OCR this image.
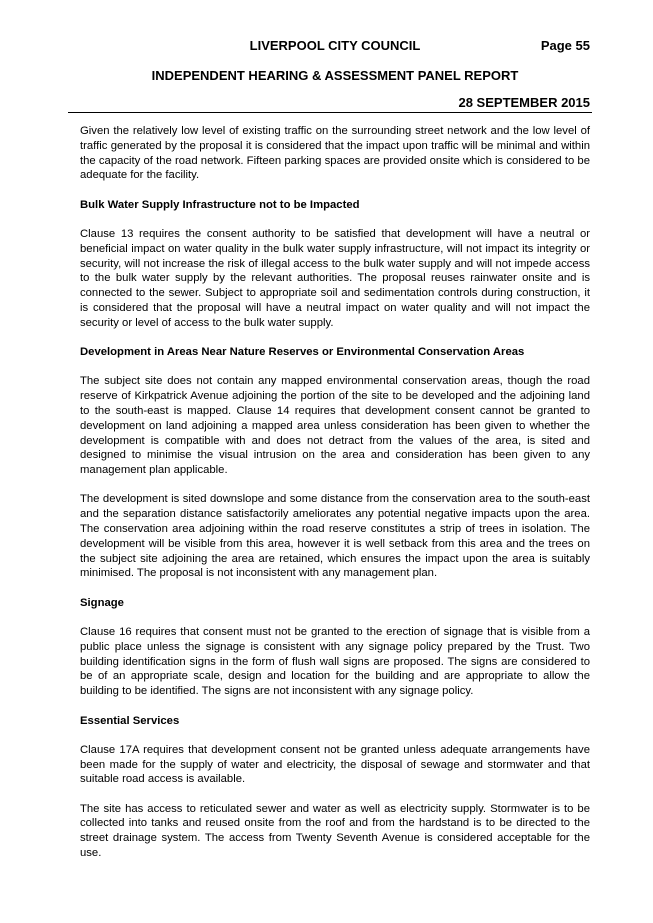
LIVERPOOL CITY COUNCIL	Page 55
INDEPENDENT HEARING & ASSESSMENT PANEL REPORT
28 SEPTEMBER 2015

Given the relatively low level of existing traffic on the surrounding street network and the low level of traffic generated by the proposal it is considered that the impact upon traffic will be minimal and within the capacity of the road network. Fifteen parking spaces are provided onsite which is considered to be adequate for the facility.

Bulk Water Supply Infrastructure not to be Impacted

Clause 13 requires the consent authority to be satisfied that development will have a neutral or beneficial impact on water quality in the bulk water supply infrastructure, will not impact its integrity or security, will not increase the risk of illegal access to the bulk water supply and will not impede access to the bulk water supply by the relevant authorities. The proposal reuses rainwater onsite and is connected to the sewer. Subject to appropriate soil and sedimentation controls during construction, it is considered that the proposal will have a neutral impact on water quality and will not impact the security or level of access to the bulk water supply.

Development in Areas Near Nature Reserves or Environmental Conservation Areas

The subject site does not contain any mapped environmental conservation areas, though the road reserve of Kirkpatrick Avenue adjoining the portion of the site to be developed and the adjoining land to the south-east is mapped. Clause 14 requires that development consent cannot be granted to development on land adjoining a mapped area unless consideration has been given to whether the development is compatible with and does not detract from the values of the area, is sited and designed to minimise the visual intrusion on the area and consideration has been given to any management plan applicable.

The development is sited downslope and some distance from the conservation area to the south-east and the separation distance satisfactorily ameliorates any potential negative impacts upon the area. The conservation area adjoining within the road reserve constitutes a strip of trees in isolation. The development will be visible from this area, however it is well setback from this area and the trees on the subject site adjoining the area are retained, which ensures the impact upon the area is suitably minimised. The proposal is not inconsistent with any management plan.

Signage

Clause 16 requires that consent must not be granted to the erection of signage that is visible from a public place unless the signage is consistent with any signage policy prepared by the Trust. Two building identification signs in the form of flush wall signs are proposed. The signs are considered to be of an appropriate scale, design and location for the building and are appropriate to allow the building to be identified. The signs are not inconsistent with any signage policy.

Essential Services

Clause 17A requires that development consent not be granted unless adequate arrangements have been made for the supply of water and electricity, the disposal of sewage and stormwater and that suitable road access is available.

The site has access to reticulated sewer and water as well as electricity supply. Stormwater is to be collected into tanks and reused onsite from the roof and from the hardstand is to be directed to the street drainage system. The access from Twenty Seventh Avenue is considered acceptable for the use.
